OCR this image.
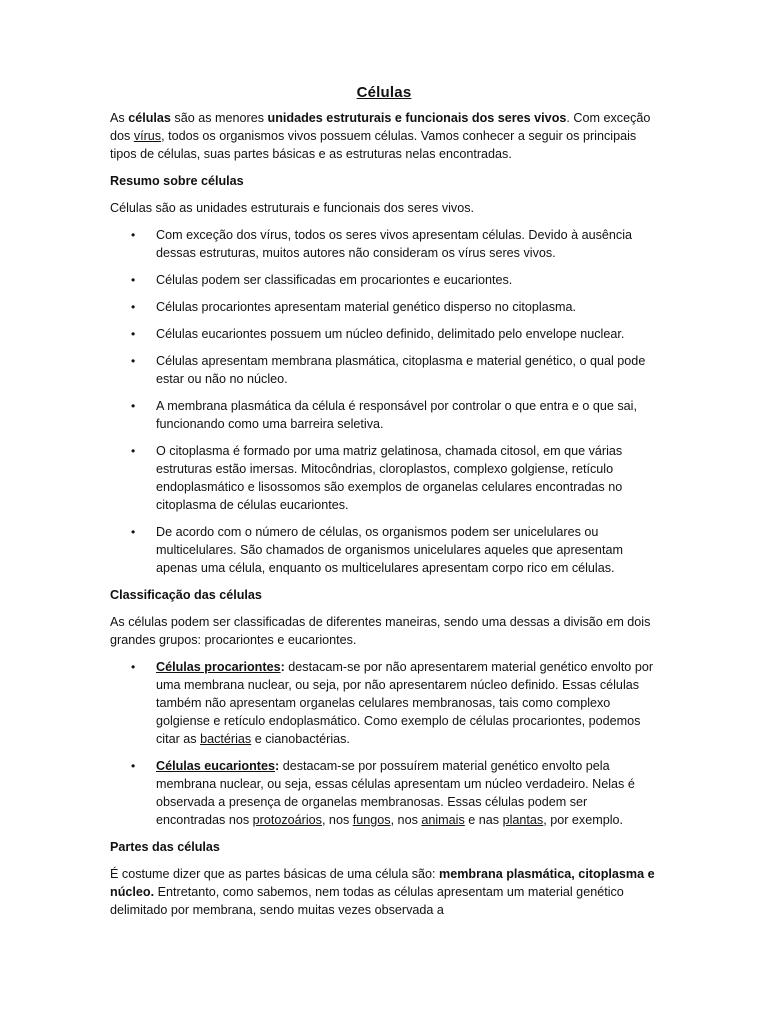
Células

As células são as menores unidades estruturais e funcionais dos seres vivos. Com exceção dos vírus, todos os organismos vivos possuem células. Vamos conhecer a seguir os principais tipos de células, suas partes básicas e as estruturas nelas encontradas.

Resumo sobre células

Células são as unidades estruturais e funcionais dos seres vivos.

• Com exceção dos vírus, todos os seres vivos apresentam células. Devido à ausência dessas estruturas, muitos autores não consideram os vírus seres vivos.
• Células podem ser classificadas em procariontes e eucariontes.
• Células procariontes apresentam material genético disperso no citoplasma.
• Células eucariontes possuem um núcleo definido, delimitado pelo envelope nuclear.
• Células apresentam membrana plasmática, citoplasma e material genético, o qual pode estar ou não no núcleo.
• A membrana plasmática da célula é responsável por controlar o que entra e o que sai, funcionando como uma barreira seletiva.
• O citoplasma é formado por uma matriz gelatinosa, chamada citosol, em que várias estruturas estão imersas. Mitocôndrias, cloroplastos, complexo golgiense, retículo endoplasmático e lisossomos são exemplos de organelas celulares encontradas no citoplasma de células eucariontes.
• De acordo com o número de células, os organismos podem ser unicelulares ou multicelulares. São chamados de organismos unicelulares aqueles que apresentam apenas uma célula, enquanto os multicelulares apresentam corpo rico em células.
Classificação das células

As células podem ser classificadas de diferentes maneiras, sendo uma dessas a divisão em dois grandes grupos: procariontes e eucariontes.

• Células procariontes: destacam-se por não apresentarem material genético envolto por uma membrana nuclear, ou seja, por não apresentarem núcleo definido. Essas células também não apresentam organelas celulares membranosas, tais como complexo golgiense e retículo endoplasmático. Como exemplo de células procariontes, podemos citar as bactérias e cianobactérias.
• Células eucariontes: destacam-se por possuírem material genético envolto pela membrana nuclear, ou seja, essas células apresentam um núcleo verdadeiro. Nelas é observada a presença de organelas membranosas. Essas células podem ser encontradas nos protozoários, nos fungos, nos animais e nas plantas, por exemplo.
Partes das células

É costume dizer que as partes básicas de uma célula são: membrana plasmática, citoplasma e núcleo. Entretanto, como sabemos, nem todas as células apresentam um material genético delimitado por membrana, sendo muitas vezes observada a
